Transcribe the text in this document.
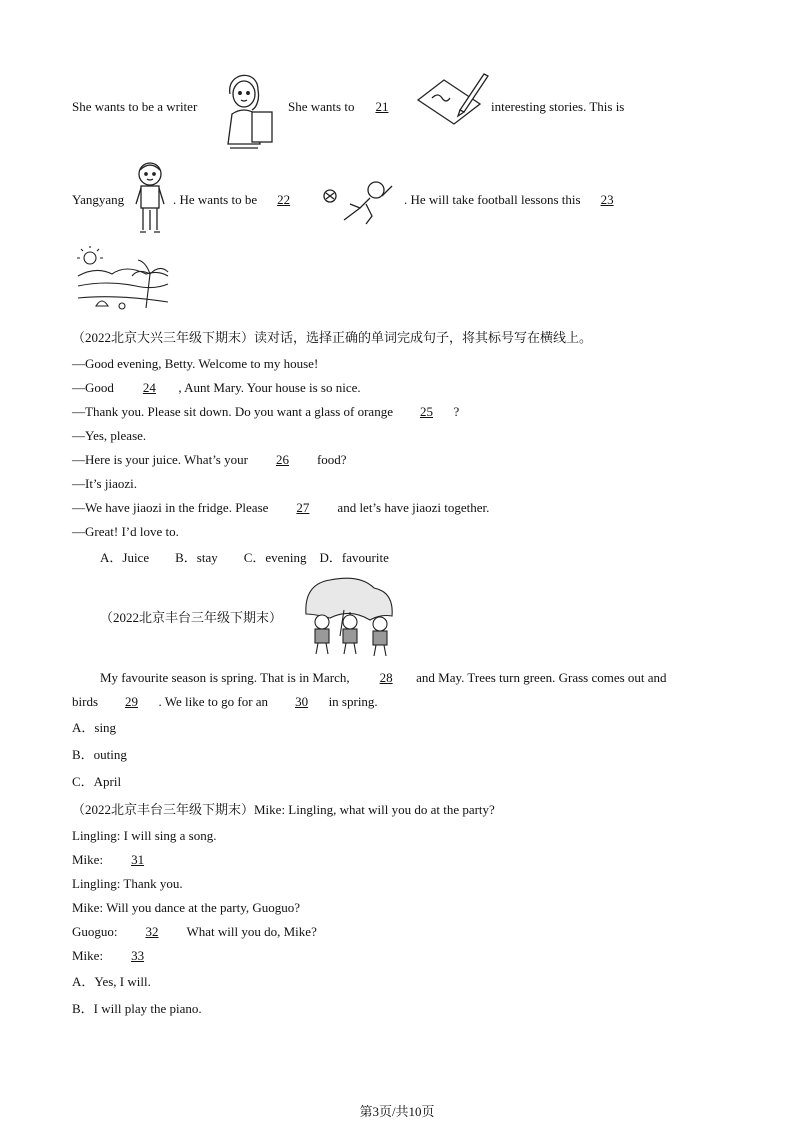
She wants to be a writer	She wants to 21	interesting stories. This is
Yangyang	. He wants to be 22	. He will take football lessons this 23
（2022北京大兴三年级下期末）读对话，选择正确的单词完成句子，将其标号写在横线上。
—Good evening, Betty. Welcome to my house!
—Good 24 , Aunt Mary. Your house is so nice.
—Thank you. Please sit down. Do you want a glass of orange 25 ?
—Yes, please.
—Here is your juice. What’s your 26 food?
—It’s jiaozi.
—We have jiaozi in the fridge. Please 27 and let’s have jiaozi together.
—Great! I’d love to.
A．Juice　　B．stay　　C．evening　D．favourite
（2022北京丰台三年级下期末）
My favourite season is spring. That is in March, 28 and May. Trees turn green. Grass comes out and
birds 29 . We like to go for an 30 in spring.
A．sing
B．outing
C．April
（2022北京丰台三年级下期末）Mike: Lingling, what will you do at the party?
Lingling: I will sing a song.
Mike: 31
Lingling: Thank you.
Mike: Will you dance at the party, Guoguo?
Guoguo: 32 What will you do, Mike?
Mike: 33
A．Yes, I will.
B．I will play the piano.
第3页/共10页
